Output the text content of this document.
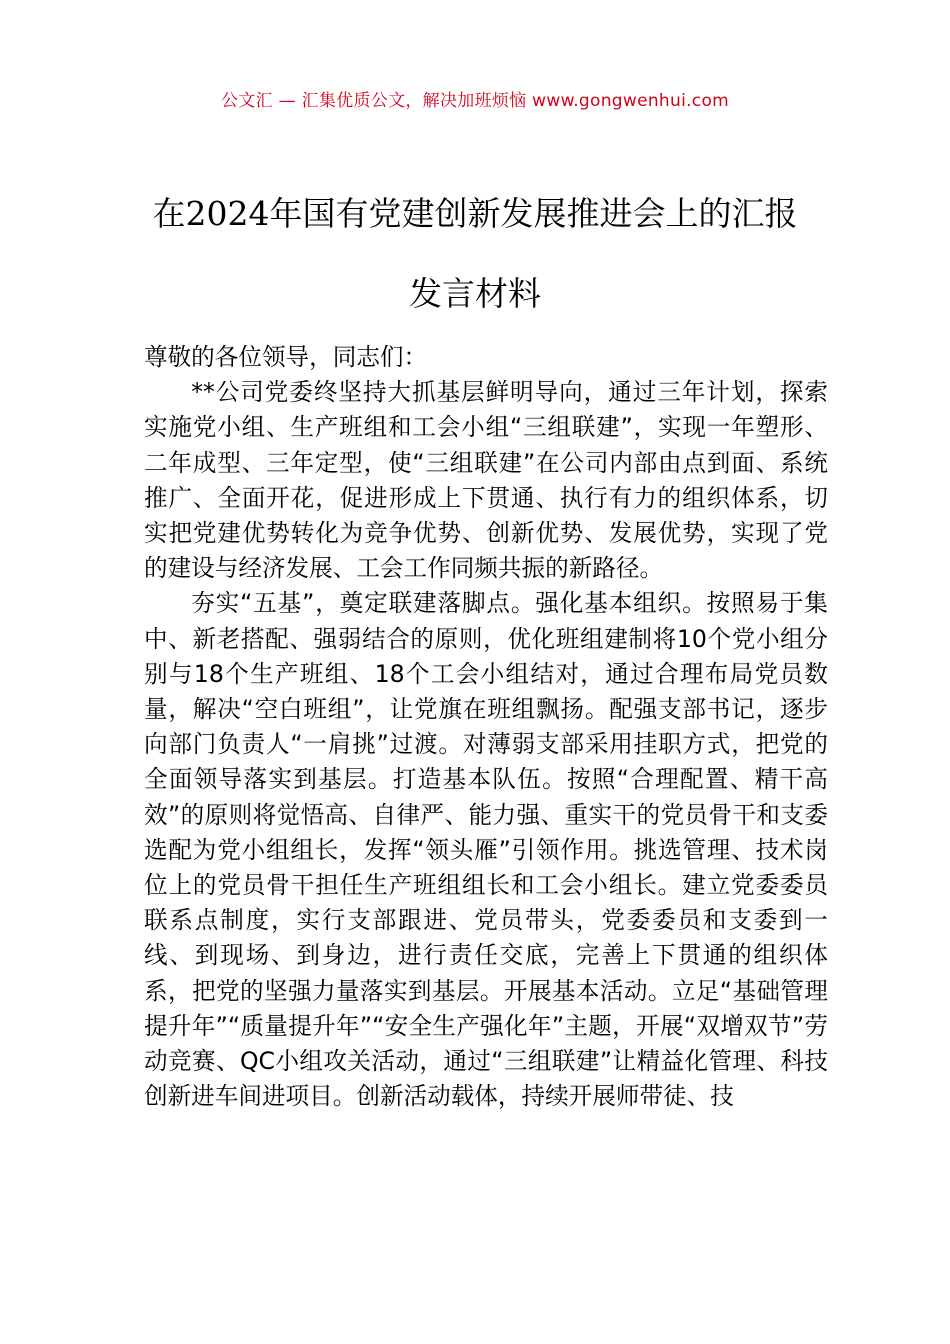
公文汇 — 汇集优质公文，解决加班烦恼 www.gongwenhui.com
在2024年国有党建创新发展推进会上的汇报发言材料

尊敬的各位领导，同志们：

**公司党委终坚持大抓基层鲜明导向，通过三年计划，探索实施党小组、生产班组和工会小组“三组联建”，实现一年塑形、二年成型、三年定型，使“三组联建”在公司内部由点到面、系统推广、全面开花，促进形成上下贯通、执行有力的组织体系，切实把党建优势转化为竞争优势、创新优势、发展优势，实现了党的建设与经济发展、工会工作同频共振的新路径。

夯实“五基”，奠定联建落脚点。强化基本组织。按照易于集中、新老搭配、强弱结合的原则，优化班组建制将10个党小组分别与18个生产班组、18个工会小组结对，通过合理布局党员数量，解决“空白班组”，让党旗在班组飘扬。配强支部书记，逐步向部门负责人“一肩挑”过渡。对薄弱支部采用挂职方式，把党的全面领导落实到基层。打造基本队伍。按照“合理配置、精干高效”的原则将觉悟高、自律严、能力强、重实干的党员骨干和支委选配为党小组组长，发挥“领头雁”引领作用。挑选管理、技术岗位上的党员骨干担任生产班组组长和工会小组长。建立党委委员联系点制度，实行支部跟进、党员带头，党委委员和支委到一线、到现场、到身边，进行责任交底，完善上下贯通的组织体系，把党的坚强力量落实到基层。开展基本活动。立足“基础管理提升年”“质量提升年”“安全生产强化年”主题，开展“双增双节”劳动竞赛、QC小组攻关活动，通过“三组联建”让精益化管理、科技创新进车间进项目。创新活动载体，持续开展师带徒、技
